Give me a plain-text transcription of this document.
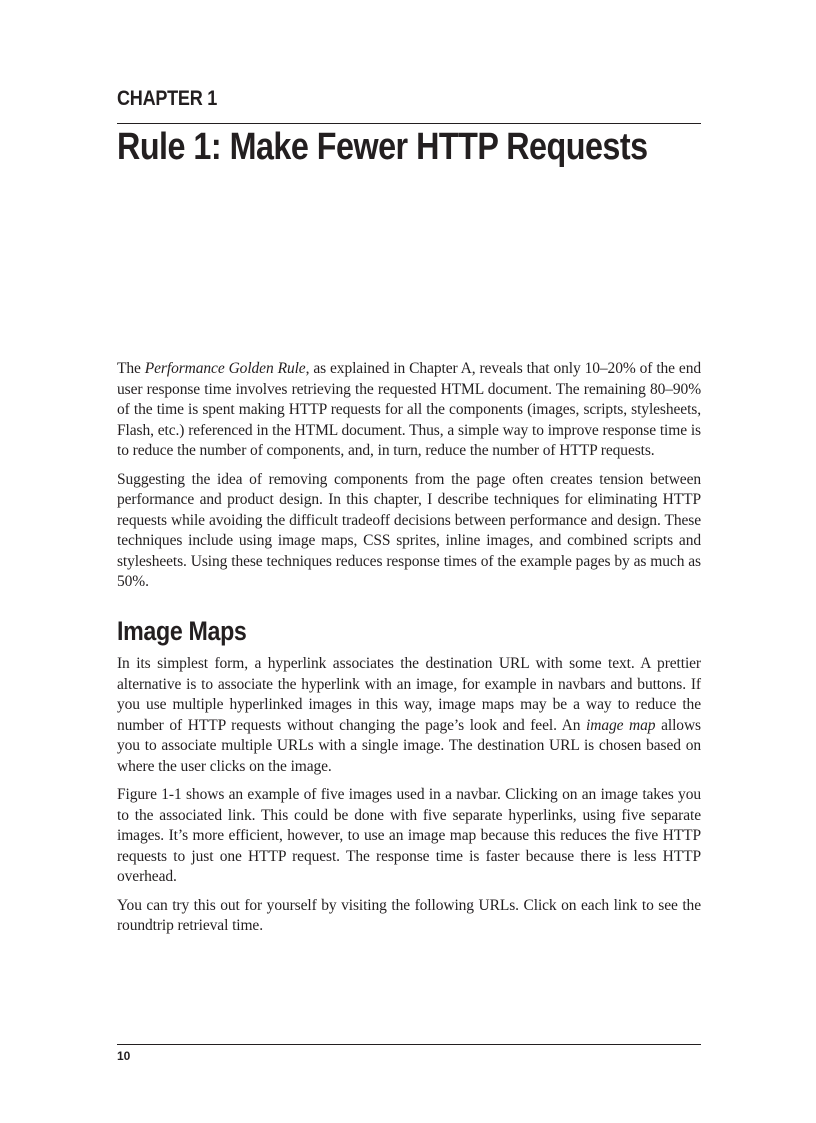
CHAPTER 1
Rule 1: Make Fewer HTTP Requests

The Performance Golden Rule, as explained in Chapter A, reveals that only 10–20% of the end user response time involves retrieving the requested HTML document. The remaining 80–90% of the time is spent making HTTP requests for all the components (images, scripts, stylesheets, Flash, etc.) referenced in the HTML document. Thus, a simple way to improve response time is to reduce the number of components, and, in turn, reduce the number of HTTP requests.

Suggesting the idea of removing components from the page often creates tension between performance and product design. In this chapter, I describe techniques for eliminating HTTP requests while avoiding the difficult tradeoff decisions between performance and design. These techniques include using image maps, CSS sprites, inline images, and combined scripts and stylesheets. Using these techniques reduces response times of the example pages by as much as 50%.

Image Maps

In its simplest form, a hyperlink associates the destination URL with some text. A prettier alternative is to associate the hyperlink with an image, for example in navbars and buttons. If you use multiple hyperlinked images in this way, image maps may be a way to reduce the number of HTTP requests without changing the page’s look and feel. An image map allows you to associate multiple URLs with a single image. The destination URL is chosen based on where the user clicks on the image.

Figure 1-1 shows an example of five images used in a navbar. Clicking on an image takes you to the associated link. This could be done with five separate hyperlinks, using five separate images. It’s more efficient, however, to use an image map because this reduces the five HTTP requests to just one HTTP request. The response time is faster because there is less HTTP overhead.

You can try this out for yourself by visiting the following URLs. Click on each link to see the roundtrip retrieval time.

10
